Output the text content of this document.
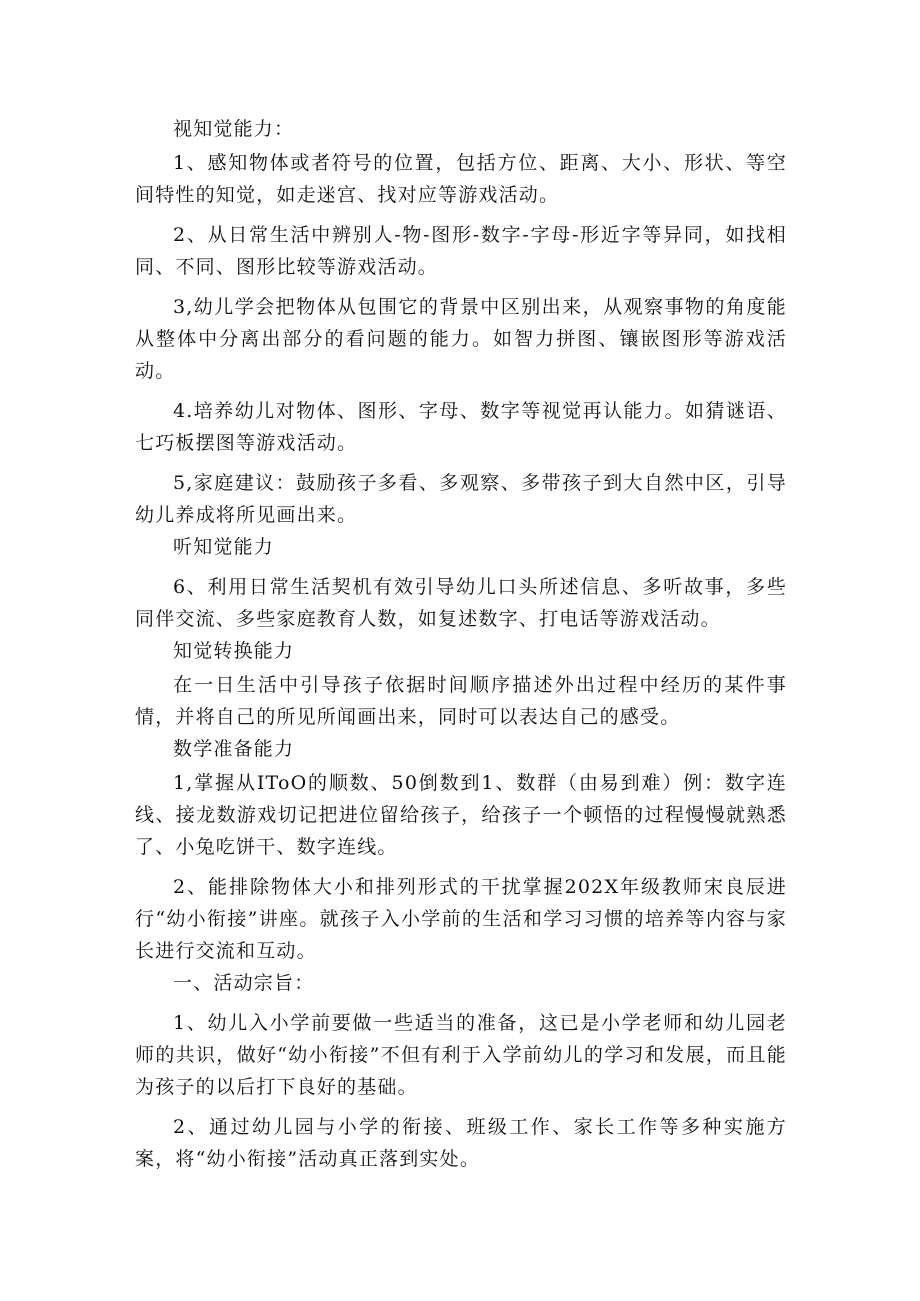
视知觉能力：

1、感知物体或者符号的位置，包括方位、距离、大小、形状、等空间特性的知觉，如走迷宫、找对应等游戏活动。

2、从日常生活中辨别人-物-图形-数字-字母-形近字等异同，如找相同、不同、图形比较等游戏活动。

3,幼儿学会把物体从包围它的背景中区别出来，从观察事物的角度能从整体中分离出部分的看问题的能力。如智力拼图、镶嵌图形等游戏活动。

4.培养幼儿对物体、图形、字母、数字等视觉再认能力。如猜谜语、七巧板摆图等游戏活动。

5,家庭建议：鼓励孩子多看、多观察、多带孩子到大自然中区，引导幼儿养成将所见画出来。

听知觉能力

6、利用日常生活契机有效引导幼儿口头所述信息、多听故事，多些同伴交流、多些家庭教育人数，如复述数字、打电话等游戏活动。

知觉转换能力

在一日生活中引导孩子依据时间顺序描述外出过程中经历的某件事情，并将自己的所见所闻画出来，同时可以表达自己的感受。

数学准备能力

1,掌握从IToO的顺数、50倒数到1、数群（由易到难）例：数字连线、接龙数游戏切记把进位留给孩子，给孩子一个顿悟的过程慢慢就熟悉了、小兔吃饼干、数字连线。

2、能排除物体大小和排列形式的干扰掌握202X年级教师宋良辰进行“幼小衔接”讲座。就孩子入小学前的生活和学习习惯的培养等内容与家长进行交流和互动。

一、活动宗旨：

1、幼儿入小学前要做一些适当的准备，这已是小学老师和幼儿园老师的共识，做好“幼小衔接”不但有利于入学前幼儿的学习和发展，而且能为孩子的以后打下良好的基础。

2、通过幼儿园与小学的衔接、班级工作、家长工作等多种实施方案，将“幼小衔接”活动真正落到实处。
